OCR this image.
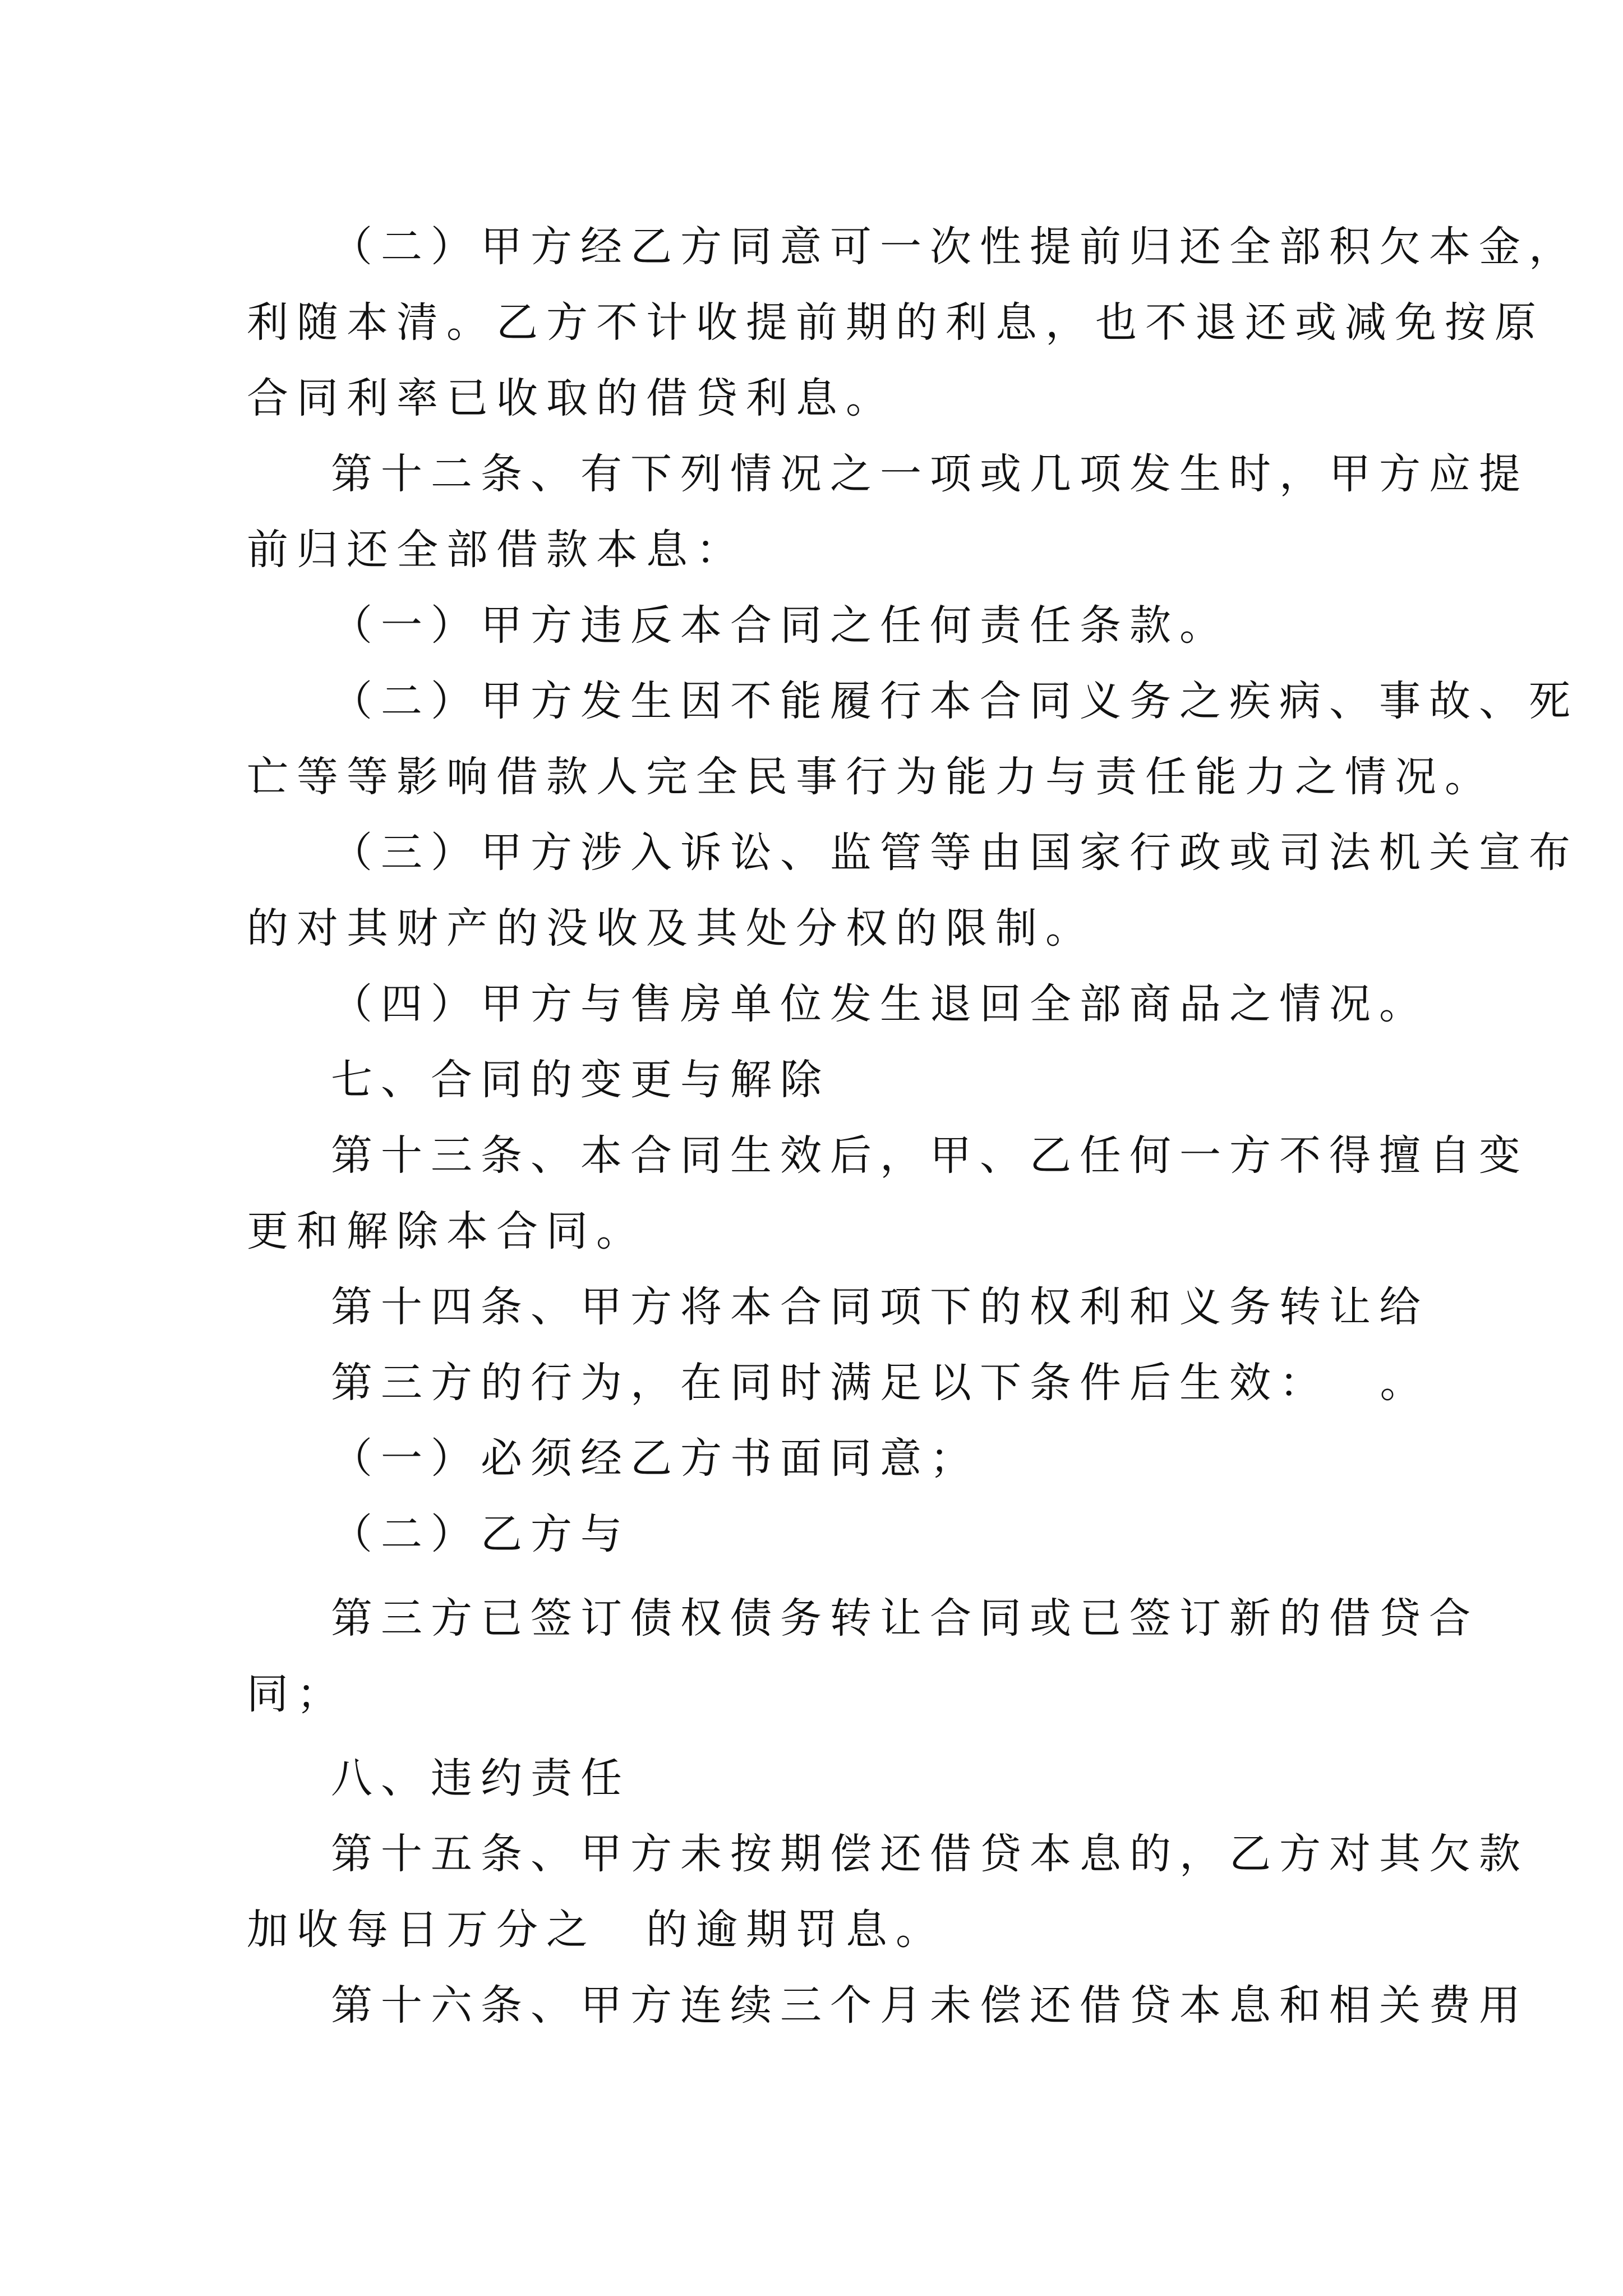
（二）甲方经乙方同意可一次性提前归还全部积欠本金，
利随本清。乙方不计收提前期的利息，也不退还或减免按原
合同利率已收取的借贷利息。
第十二条、有下列情况之一项或几项发生时，甲方应提
前归还全部借款本息：
（一）甲方违反本合同之任何责任条款。
（二）甲方发生因不能履行本合同义务之疾病、事故、死
亡等等影响借款人完全民事行为能力与责任能力之情况。
（三）甲方涉入诉讼、监管等由国家行政或司法机关宣布
的对其财产的没收及其处分权的限制。
（四）甲方与售房单位发生退回全部商品之情况。
七、合同的变更与解除
第十三条、本合同生效后，甲、乙任何一方不得擅自变
更和解除本合同。
第十四条、甲方将本合同项下的权利和义务转让给
第三方的行为，在同时满足以下条件后生效：　 。
（一）必须经乙方书面同意；
（二）乙方与
第三方已签订债权债务转让合同或已签订新的借贷合
同；
八、违约责任
第十五条、甲方未按期偿还借贷本息的，乙方对其欠款
加收每日万分之　的逾期罚息。
第十六条、甲方连续三个月未偿还借贷本息和相关费用
